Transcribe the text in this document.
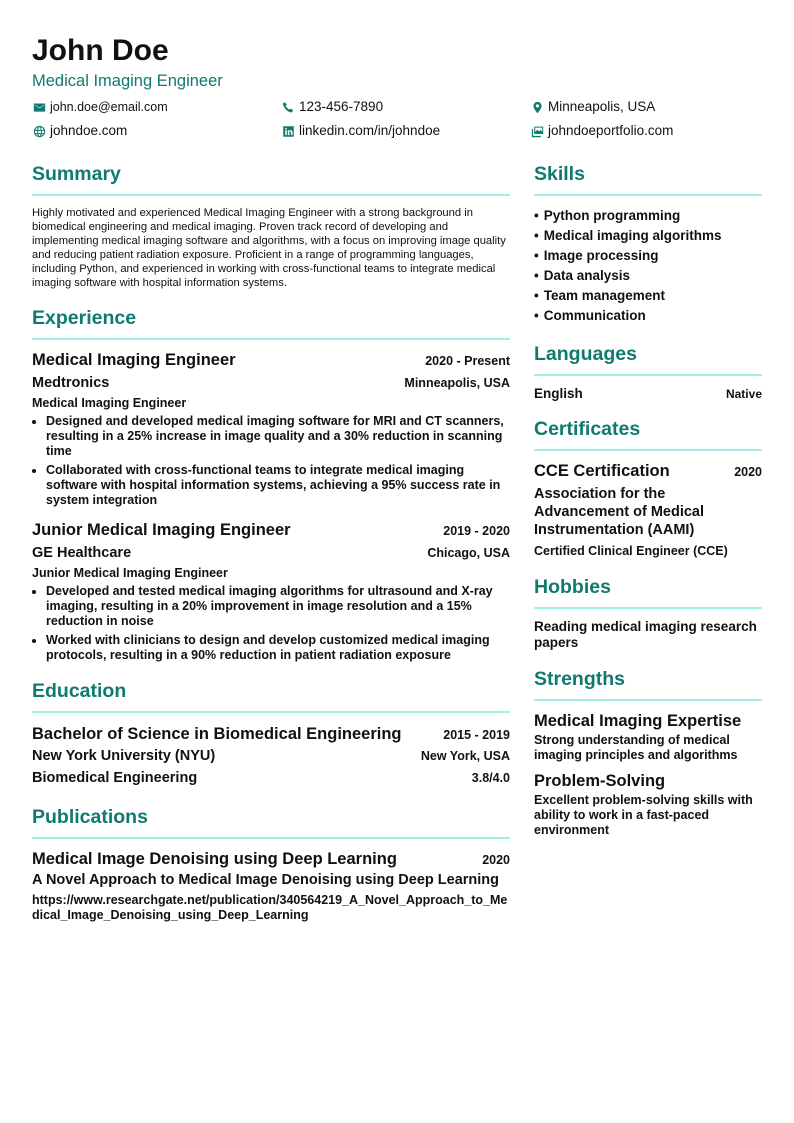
John Doe
Medical Imaging Engineer
john.doe@email.com	123-456-7890	Minneapolis, USA
johndoe.com	linkedin.com/in/johndoe	johndoeportfolio.com
Summary

Highly motivated and experienced Medical Imaging Engineer with a strong background in biomedical engineering and medical imaging. Proven track record of developing and implementing medical imaging software and algorithms, with a focus on improving image quality and reducing patient radiation exposure. Proficient in a range of programming languages, including Python, and experienced in working with cross-functional teams to integrate medical imaging software with hospital information systems.

Experience
Medical Imaging Engineer	2020 - Present
Medtronics	Minneapolis, USA
Medical Imaging Engineer
• Designed and developed medical imaging software for MRI and CT scanners, resulting in a 25% increase in image quality and a 30% reduction in scanning time
• Collaborated with cross-functional teams to integrate medical imaging software with hospital information systems, achieving a 95% success rate in system integration
Junior Medical Imaging Engineer	2019 - 2020
GE Healthcare	Chicago, USA
Junior Medical Imaging Engineer
• Developed and tested medical imaging algorithms for ultrasound and X-ray imaging, resulting in a 20% improvement in image resolution and a 15% reduction in noise
• Worked with clinicians to design and develop customized medical imaging protocols, resulting in a 90% reduction in patient radiation exposure
Education
Bachelor of Science in Biomedical Engineering	2015 - 2019
New York University (NYU)	New York, USA
Biomedical Engineering	3.8/4.0
Publications
Medical Image Denoising using Deep Learning	2020
A Novel Approach to Medical Image Denoising using Deep Learning
https://www.researchgate.net/publication/340564219_A_Novel_Approach_to_Medical_Image_Denoising_using_Deep_Learning
Skills
• Python programming
• Medical imaging algorithms
• Image processing
• Data analysis
• Team management
• Communication
Languages
English	Native
Certificates
CCE Certification	2020
Association for the Advancement of Medical Instrumentation (AAMI)
Certified Clinical Engineer (CCE)
Hobbies
Reading medical imaging research papers
Strengths
Medical Imaging Expertise
Strong understanding of medical imaging principles and algorithms
Problem-Solving
Excellent problem-solving skills with ability to work in a fast-paced environment
